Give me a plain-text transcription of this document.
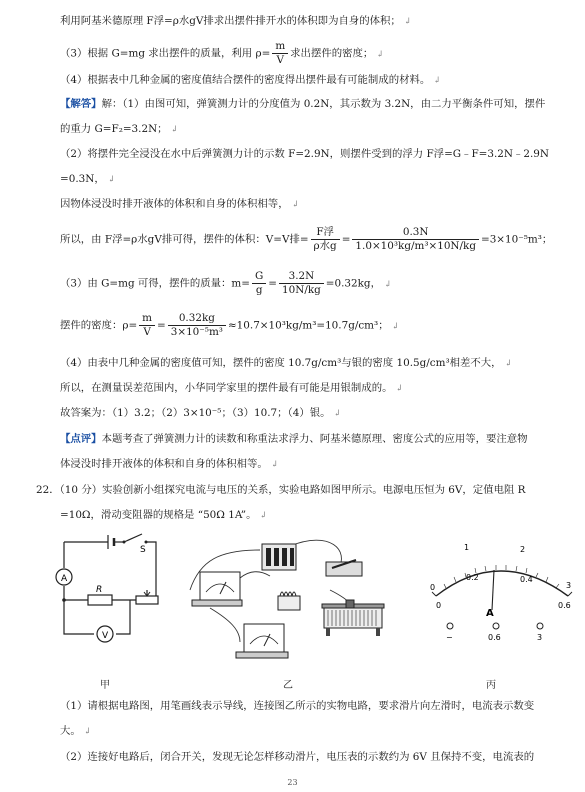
利用阿基米德原理 F浮=ρ水gV排求出摆件排开水的体积即为自身的体积； ↲
（3）根据 G=mg 求出摆件的质量，利用 $\rho= \frac{m}{V}$ 求出摆件的密度； ↲
（4）根据表中几种金属的密度值结合摆件的密度得出摆件最有可能制成的材料。 ↲
【解答】解：（1）由图可知，弹簧测力计的分度值为 0.2N，其示数为 3.2N，由二力平衡条件可知，摆件
的重力 G=F₂=3.2N； ↲
（2）将摆件完全浸没在水中后弹簧测力计的示数 F=2.9N，则摆件受到的浮力 F浮=G﹣F=3.2N﹣2.9N
=0.3N， ↲
因物体浸没时排开液体的体积和自身的体积相等， ↲
所以，由 F浮=ρ水gV排可得，摆件的体积：V=V排= $\frac{\text{F浮}}{\text{ρ水g}} = \frac{0.3N}{\text{1.0×10³kg/m³×10N/kg}} =3\times 10^{-5}m^3$；
（3）由 G=mg 可得，摆件的质量：$m= \frac{G}{g} = \frac{3.2N}{10N/kg} =0.32kg$， ↲
摆件的密度：$\rho= \frac{m}{V} = \frac{0.32kg}{\text{3×10⁻⁵m³}} \approx 10.7\times 10^3kg/m^3=10.7g/cm^3$； ↲
（4）由表中几种金属的密度值可知，摆件的密度 10.7g/cm³与银的密度 10.5g/cm³相差不大， ↲
所以，在测量误差范围内，小华同学家里的摆件最有可能是用银制成的。 ↲
故答案为：（1）3.2；（2）3×10⁻⁵；（3）10.7；（4）银。 ↲
【点评】本题考查了弹簧测力计的读数和称重法求浮力、阿基米德原理、密度公式的应用等，要注意物
体浸没时排开液体的体积和自身的体积相等。 ↲
22．（10 分）实验创新小组探究电流与电压的关系，实验电路如图甲所示。电源电压恒为 6V，定值电阻 R
=10Ω，滑动变阻器的规格是 “50Ω 1A”。 ↲
S
A
R
V
甲	乙
0
1	2
3
0
0.2	0.4
0.6
A
−	0.6	3
丙
（1）请根据电路图，用笔画线表示导线，连接图乙所示的实物电路，要求滑片向左滑时，电流表示数变
大。 ↲
（2）连接好电路后，闭合开关，发现无论怎样移动滑片，电压表的示数约为 6V 且保持不变，电流表的
23
